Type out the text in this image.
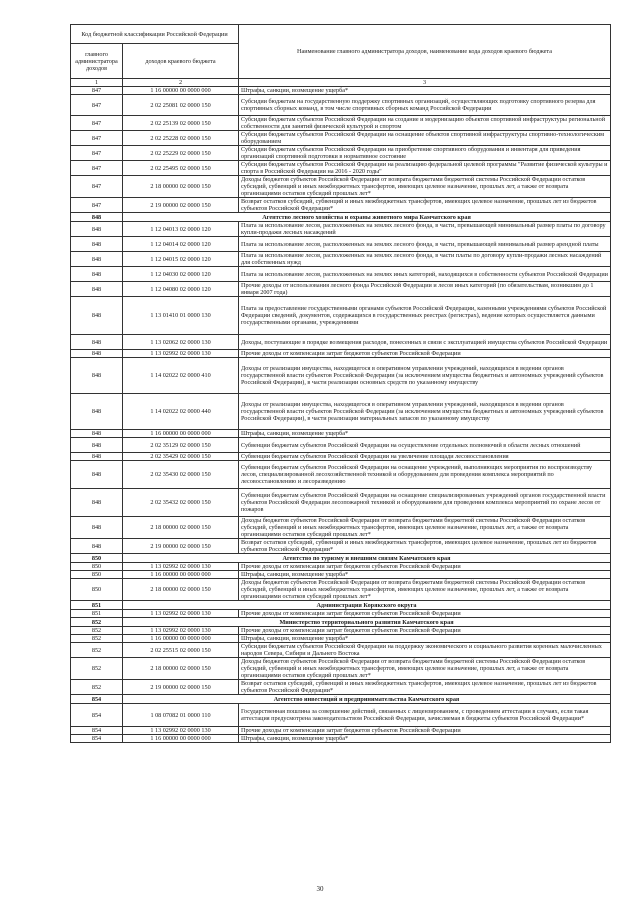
Код бюджетной классификации Российской Федерации		Наименование главного администратора доходов, наименование кода доходов краевого бюджета
главного администратора доходов	доходов краевого бюджета	
1	2	3
847	1 16 00000 00 0000 000	Штрафы, санкции, возмещение ущерба*
847	2 02 25081 02 0000 150	Субсидии бюджетам на государственную поддержку спортивных организаций, осуществляющих подготовку спортивного резерва для спортивных сборных команд, в том числе спортивных сборных команд Российской Федерации
847	2 02 25139 02 0000 150	Субсидии бюджетам субъектов Российской Федерации на создание и модернизацию объектов спортивной инфраструктуры региональной собственности для занятий физической культурой и спортом
847	2 02 25228 02 0000 150	Субсидии бюджетам субъектов Российской Федерации на оснащение объектов спортивной инфраструктуры спортивно-технологическим оборудованием
847	2 02 25229 02 0000 150	Субсидии бюджетам субъектов Российской Федерации на приобретение спортивного оборудования и инвентаря для приведения организаций спортивной подготовки в нормативное состояние
847	2 02 25495 02 0000 150	Субсидии бюджетам субъектов Российской Федерации на реализацию федеральной целевой программы "Развитие физической культуры и спорта в Российской Федерации на 2016 - 2020 годы"
847	2 18 00000 02 0000 150	Доходы бюджетов субъектов Российской Федерации от возврата бюджетами бюджетной системы Российской Федерации остатков субсидий, субвенций и иных межбюджетных трансфертов, имеющих целевое назначение, прошлых лет, а также от возврата организациями остатков субсидий прошлых лет*
847	2 19 00000 02 0000 150	Возврат остатков субсидий, субвенций и иных межбюджетных трансфертов, имеющих целевое назначение, прошлых лет из бюджетов субъектов Российской Федерации*
848	Агентство лесного хозяйства и охраны животного мира Камчатского края	
848	1 12 04013 02 0000 120	Плата за использование лесов, расположенных на землях лесного фонда, в части, превышающей минимальный размер платы по договору купли-продажи лесных насаждений
848	1 12 04014 02 0000 120	Плата за использование лесов, расположенных на землях лесного фонда, в части, превышающей минимальный размер арендной платы
848	1 12 04015 02 0000 120	Плата за использование лесов, расположенных на землях лесного фонда, в части платы по договору купли-продажи лесных насаждений для собственных нужд
848	1 12 04030 02 0000 120	Плата за использование лесов, расположенных на землях иных категорий, находящихся в собственности субъектов Российской Федерации
848	1 12 04080 02 0000 120	Прочие доходы от использования лесного фонда Российской Федерации и лесов иных категорий (по обязательствам, возникшим до 1 января 2007 года)
848	1 13 01410 01 0000 130	Плата за предоставление государственными органами субъектов Российской Федерации, казенными учреждениями субъектов Российской Федерации сведений, документов, содержащихся в государственных реестрах (регистрах), ведение которых осуществляется данными государственными органами, учреждениями
848	1 13 02062 02 0000 130	Доходы, поступающие в порядке возмещения расходов, понесенных в связи с эксплуатацией имущества субъектов Российской Федерации
848	1 13 02992 02 0000 130	Прочие доходы от компенсации затрат бюджетов субъектов Российской Федерации
848	1 14 02022 02 0000 410	Доходы от реализации имущества, находящегося в оперативном управлении учреждений, находящихся в ведении органов государственной власти субъектов Российской Федерации (за исключением имущества бюджетных и автономных учреждений субъектов Российской Федерации), в части реализации основных средств по указанному имуществу
848	1 14 02022 02 0000 440	Доходы от реализации имущества, находящегося в оперативном управлении учреждений, находящихся в ведении органов государственной власти субъектов Российской Федерации (за исключением имущества бюджетных и автономных учреждений субъектов Российской Федерации), в части реализации материальных запасов по указанному имуществу
848	1 16 00000 00 0000 000	Штрафы, санкции, возмещение ущерба*
848	2 02 35129 02 0000 150	Субвенции бюджетам субъектов Российской Федерации на осуществление отдельных полномочий в области лесных отношений
848	2 02 35429 02 0000 150	Субвенции бюджетам субъектов Российской Федерации на увеличение площади лесовосстановления
848	2 02 35430 02 0000 150	Субвенции бюджетам субъектов Российской Федерации на оснащение учреждений, выполняющих мероприятия по воспроизводству лесов, специализированной лесохозяйственной техникой и оборудованием для проведения комплекса мероприятий по лесовосстановлению и лесоразведению
848	2 02 35432 02 0000 150	Субвенции бюджетам субъектов Российской Федерации на оснащение специализированных учреждений органов государственной власти субъектов Российской Федерации лесопожарной техникой и оборудованием для проведения комплекса мероприятий по охране лесов от пожаров
848	2 18 00000 02 0000 150	Доходы бюджетов субъектов Российской Федерации от возврата бюджетами бюджетной системы Российской Федерации остатков субсидий, субвенций и иных межбюджетных трансфертов, имеющих целевое назначение, прошлых лет, а также от возврата организациями остатков субсидий прошлых лет*
848	2 19 00000 02 0000 150	Возврат остатков субсидий, субвенций и иных межбюджетных трансфертов, имеющих целевое назначение, прошлых лет из бюджетов субъектов Российской Федерации*
850	Агентство по туризму и внешним связям Камчатского края	
850	1 13 02992 02 0000 130	Прочие доходы от компенсации затрат бюджетов субъектов Российской Федерации
850	1 16 00000 00 0000 000	Штрафы, санкции, возмещение ущерба*
850	2 18 00000 02 0000 150	Доходы бюджетов субъектов Российской Федерации от возврата бюджетами бюджетной системы Российской Федерации остатков субсидий, субвенций и иных межбюджетных трансфертов, имеющих целевое назначение, прошлых лет, а также от возврата организациями остатков субсидий прошлых лет*
851	Администрация Корякского округа	
851	1 13 02992 02 0000 130	Прочие доходы от компенсации затрат бюджетов субъектов Российской Федерации
852	Министерство территориального развития Камчатского края	
852	1 13 02992 02 0000 130	Прочие доходы от компенсации затрат бюджетов субъектов Российской Федерации
852	1 16 00000 00 0000 000	Штрафы, санкции, возмещение ущерба*
852	2 02 25515 02 0000 150	Субсидии бюджетам субъектов Российской Федерации на поддержку экономического и социального развития коренных малочисленных народов Севера, Сибири и Дальнего Востока
852	2 18 00000 02 0000 150	Доходы бюджетов субъектов Российской Федерации от возврата бюджетами бюджетной системы Российской Федерации остатков субсидий, субвенций и иных межбюджетных трансфертов, имеющих целевое назначение, прошлых лет, а также от возврата организациями остатков субсидий прошлых лет*
852	2 19 00000 02 0000 150	Возврат остатков субсидий, субвенций и иных межбюджетных трансфертов, имеющих целевое назначение, прошлых лет из бюджетов субъектов Российской Федерации*
854	Агентство инвестиций и предпринимательства Камчатского края	
854	1 08 07082 01 0000 110	Государственная пошлина за совершение действий, связанных с лицензированием, с проведением аттестации в случаях, если такая аттестация предусмотрена законодательством Российской Федерации, зачисляемая в бюджеты субъектов Российской Федерации*
854	1 13 02992 02 0000 130	Прочие доходы от компенсации затрат бюджетов субъектов Российской Федерации
854	1 16 00000 00 0000 000	Штрафы, санкции, возмещение ущерба*
30
